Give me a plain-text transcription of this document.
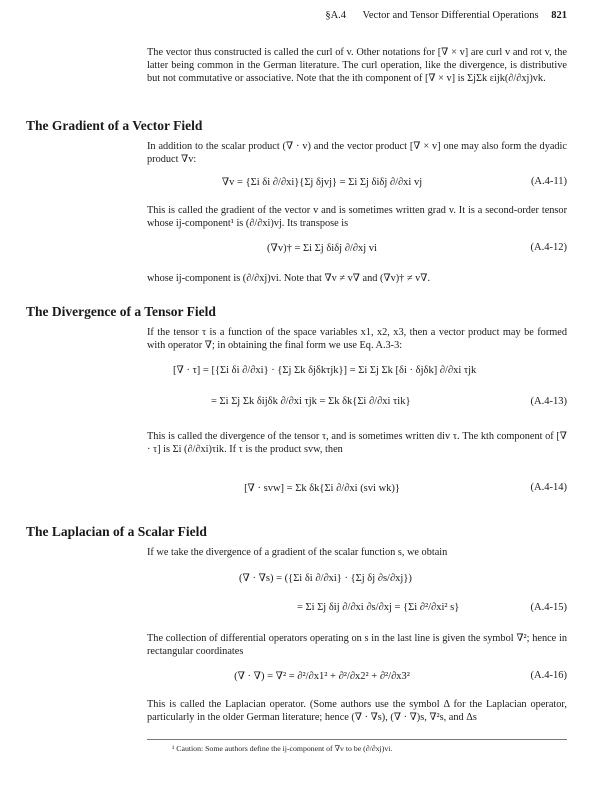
§A.4 Vector and Tensor Differential Operations 821
The vector thus constructed is called the curl of v. Other notations for [∇ × v] are curl v and rot v, the latter being common in the German literature. The curl operation, like the divergence, is distributive but not commutative or associative. Note that the ith component of [∇ × v] is ΣjΣk εijk(∂/∂xj)vk.
The Gradient of a Vector Field
In addition to the scalar product (∇ · v) and the vector product [∇ × v] one may also form the dyadic product ∇v:
∇v = {Σi δi ∂/∂xi}{Σj δjvj} = Σi Σj δiδj ∂/∂xi vj	(A.4-11)
This is called the gradient of the vector v and is sometimes written grad v. It is a second-order tensor whose ij-component¹ is (∂/∂xi)vj. Its transpose is
(∇v)† = Σi Σj δiδj ∂/∂xj vi	(A.4-12)
whose ij-component is (∂/∂xj)vi. Note that ∇v ≠ v∇ and (∇v)† ≠ v∇.
The Divergence of a Tensor Field
If the tensor τ is a function of the space variables x1, x2, x3, then a vector product may be formed with operator ∇; in obtaining the final form we use Eq. A.3-3:
[∇ · τ] = [{Σi δi ∂/∂xi} · {Σj Σk δjδkτjk}] = Σi Σj Σk [δi · δjδk] ∂/∂xi τjk
= Σi Σj Σk δijδk ∂/∂xi τjk = Σk δk{Σi ∂/∂xi τik}	(A.4-13)
This is called the divergence of the tensor τ, and is sometimes written div τ. The kth component of [∇ · τ] is Σi (∂/∂xi)τik. If τ is the product svw, then
[∇ · svw] = Σk δk{Σi ∂/∂xi (svi wk)}	(A.4-14)
The Laplacian of a Scalar Field
If we take the divergence of a gradient of the scalar function s, we obtain
(∇ · ∇s) = ({Σi δi ∂/∂xi} · {Σj δj ∂s/∂xj})
= Σi Σj δij ∂/∂xi ∂s/∂xj = {Σi ∂²/∂xi² s}	(A.4-15)
The collection of differential operators operating on s in the last line is given the symbol ∇²; hence in rectangular coordinates
(∇ · ∇) = ∇² = ∂²/∂x1² + ∂²/∂x2² + ∂²/∂x3²	(A.4-16)
This is called the Laplacian operator. (Some authors use the symbol Δ for the Laplacian operator, particularly in the older German literature; hence (∇ · ∇s), (∇ · ∇)s, ∇²s, and Δs
¹ Caution: Some authors define the ij-component of ∇v to be (∂/∂xj)vi.
